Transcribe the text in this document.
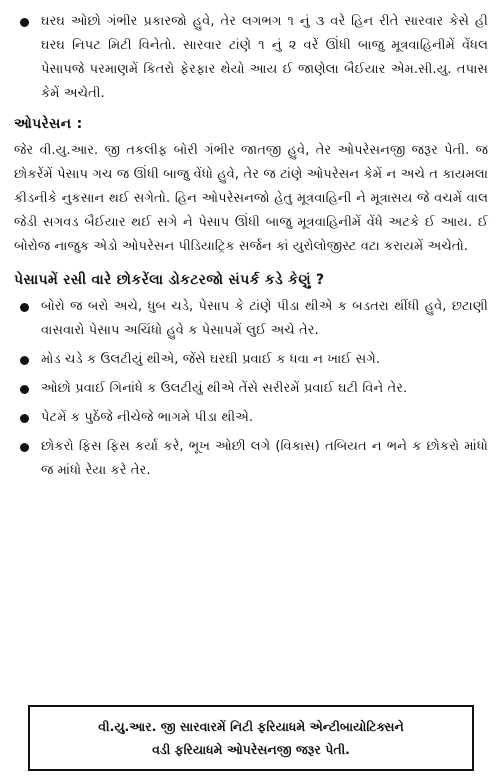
ઘરઘ ઓછો ગંભીર પ્રકારજો હુવે, તેર લગભગ ૧ નું ૩ વરે હિન રીતે સારવાર કેસે હી ઘરઘ નિપટ મિટી વિનેતો. સારવાર ટાંણે ૧ નું ૨ વરેં ઊંધી બાજુ મૂત્રવાહિનીમેં વેંધલ પેસાપજે પરમાણમેં કિતરો ફેરફાર થેયો આય ઈ જાણેલા બૈઈયાર એમ.સી.યુ. તપાસ કેમેં અચેતી.
ઓપરેસન :
જેર વી.યુ.આર. જી તકલીફ બોરી ગંભીર જાતજી હુવે, તેર ઓપરેસનજી જરૂર પેતી. જ છોકરેંમેં પેસાપ ગચ જ ઊંધી બાજુ વેંધો હુવે, તેર જ ટાંણે ઓપરેસન કેમેં ન અચે ત કાયમલા કીડનીકે નુકસાન થઈ સગેતો. હિન ઓપરેસનજો હેતુ મૂત્રવાહિની ને મૂત્રાસય જે વચમેં વાલ જેડી સગવડ બૈઈયાર થઈ સગે ને પેસાપ ઊંધી બાજુ મૂત્રવાહિનીમેં વેંધે અટકે ઈ આય. ઈ બોરોજ નાજુક એડો ઓપરેસન પીડિયાટ્રિક સર્જન કાં યુરોલોજીસ્ટ વટા કરાયમેં અચેતો.
પેસાપમેં રસી વારે છોકરેંલા ડોકટરજો સંપર્ક કડે કેણું ?
બોરો જ બરો અચે, ધુબ ચડે, પેસાપ કે ટાંણે પીડા થીએ ક બડતરા થીંધી હુવે, છટાણી વાસવારો પેસાપ અચિંધો હુવે ક પેસાપમેં લુઈ અચે તેર.
મોડ ચડે ક ઉલટીયું થીએ, જેંસે ઘરઘી પ્રવાઈ ક ધવા ન ખાઈ સગે.
ઓછો પ્રવાઈ ગિનાંધે ક ઉલટીયું થીએ તેંસે સરીરમેં પ્રવાઈ ઘટી વિને તેર.
પેટમેં ક પુઠેંજે નીચેજે ભાગમે પીડા થીએ.
છોકરો ફિસ ફિસ કર્યા કરે, ભૂખ ઓછી લગે (વિકાસ) તબિયત ન ભને ક છોકરો માંધો જ માંધો રેયા કરે તેર.
વી.યુ.આર. જી સારવારમેં નિટી ફરિયાધમે એન્ટીબાયોટિક્સને
વડી ફરિયાધમે ઓપરેસનજી જરૂર પેતી.
